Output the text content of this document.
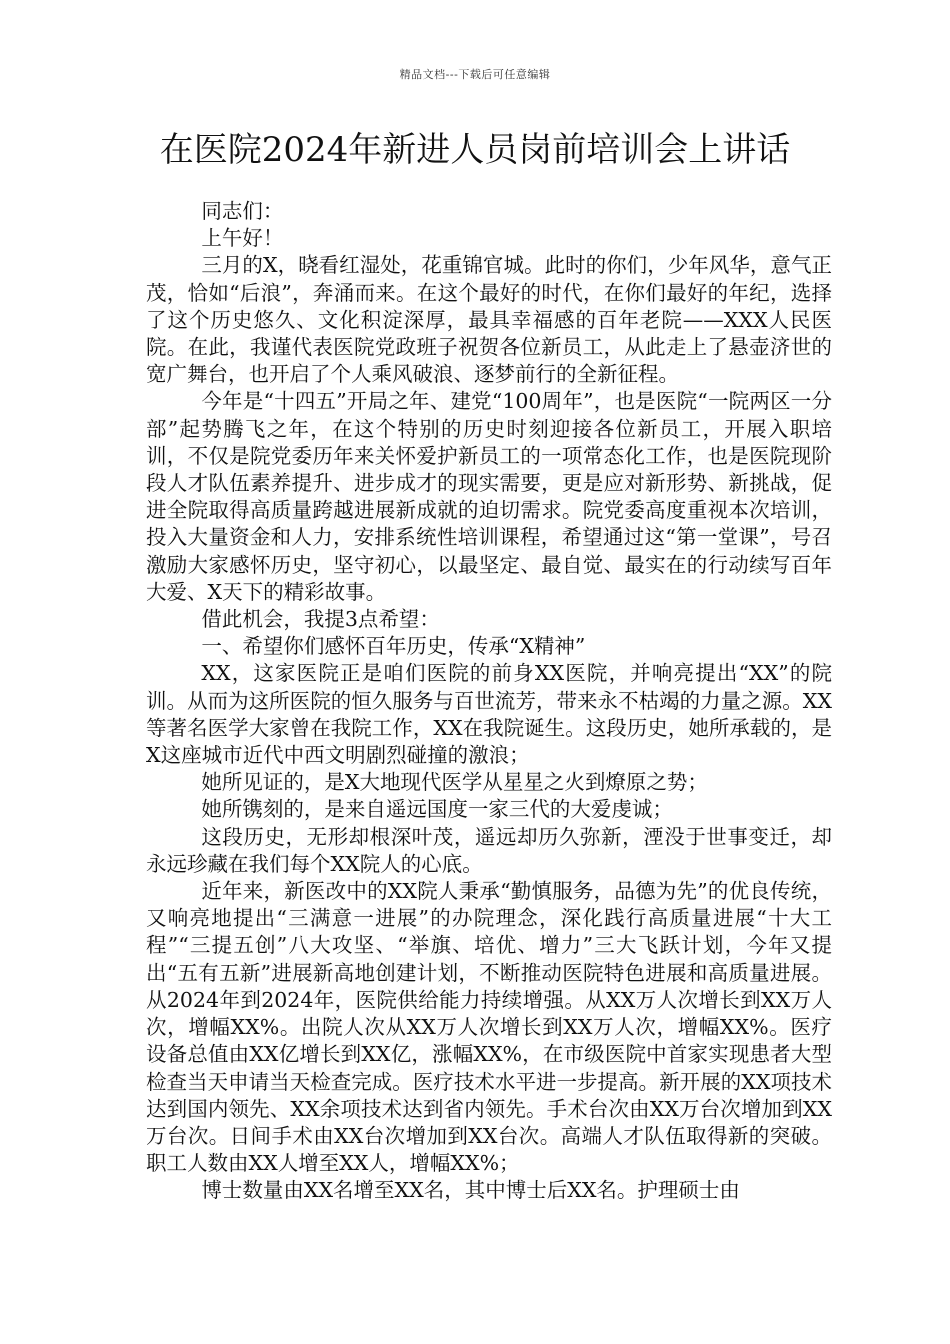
精品文档---下载后可任意编辑
在医院2024年新进人员岗前培训会上讲话

同志们：

上午好！

三月的X，晓看红湿处，花重锦官城。此时的你们，少年风华，意气正茂，恰如“后浪”，奔涌而来。在这个最好的时代，在你们最好的年纪，选择了这个历史悠久、文化积淀深厚，最具幸福感的百年老院——XXX人民医院。在此，我谨代表医院党政班子祝贺各位新员工，从此走上了悬壶济世的宽广舞台，也开启了个人乘风破浪、逐梦前行的全新征程。

今年是“十四五”开局之年、建党“100周年”，也是医院“一院两区一分部”起势腾飞之年，在这个特别的历史时刻迎接各位新员工，开展入职培训，不仅是院党委历年来关怀爱护新员工的一项常态化工作，也是医院现阶段人才队伍素养提升、进步成才的现实需要，更是应对新形势、新挑战，促进全院取得高质量跨越进展新成就的迫切需求。院党委高度重视本次培训，投入大量资金和人力，安排系统性培训课程，希望通过这“第一堂课”，号召激励大家感怀历史，坚守初心，以最坚定、最自觉、最实在的行动续写百年大爱、X天下的精彩故事。

借此机会，我提3点希望：

一、希望你们感怀百年历史，传承“X精神”

XX，这家医院正是咱们医院的前身XX医院，并响亮提出“XX”的院训。从而为这所医院的恒久服务与百世流芳，带来永不枯竭的力量之源。XX等著名医学大家曾在我院工作，XX在我院诞生。这段历史，她所承载的，是X这座城市近代中西文明剧烈碰撞的激浪；

她所见证的，是X大地现代医学从星星之火到燎原之势；

她所镌刻的，是来自遥远国度一家三代的大爱虔诚；

这段历史，无形却根深叶茂，遥远却历久弥新，湮没于世事变迁，却永远珍藏在我们每个XX院人的心底。

近年来，新医改中的XX院人秉承“勤慎服务，品德为先”的优良传统，又响亮地提出“三满意一进展”的办院理念，深化践行高质量进展“十大工程”“三提五创”八大攻坚、“举旗、培优、增力”三大飞跃计划，今年又提出“五有五新”进展新高地创建计划，不断推动医院特色进展和高质量进展。从2024年到2024年，医院供给能力持续增强。从XX万人次增长到XX万人次，增幅XX%。出院人次从XX万人次增长到XX万人次，增幅XX%。医疗设备总值由XX亿增长到XX亿，涨幅XX%，在市级医院中首家实现患者大型检查当天申请当天检查完成。医疗技术水平进一步提高。新开展的XX项技术达到国内领先、XX余项技术达到省内领先。手术台次由XX万台次增加到XX万台次。日间手术由XX台次增加到XX台次。高端人才队伍取得新的突破。职工人数由XX人增至XX人，增幅XX%；

博士数量由XX名增至XX名，其中博士后XX名。护理硕士由
